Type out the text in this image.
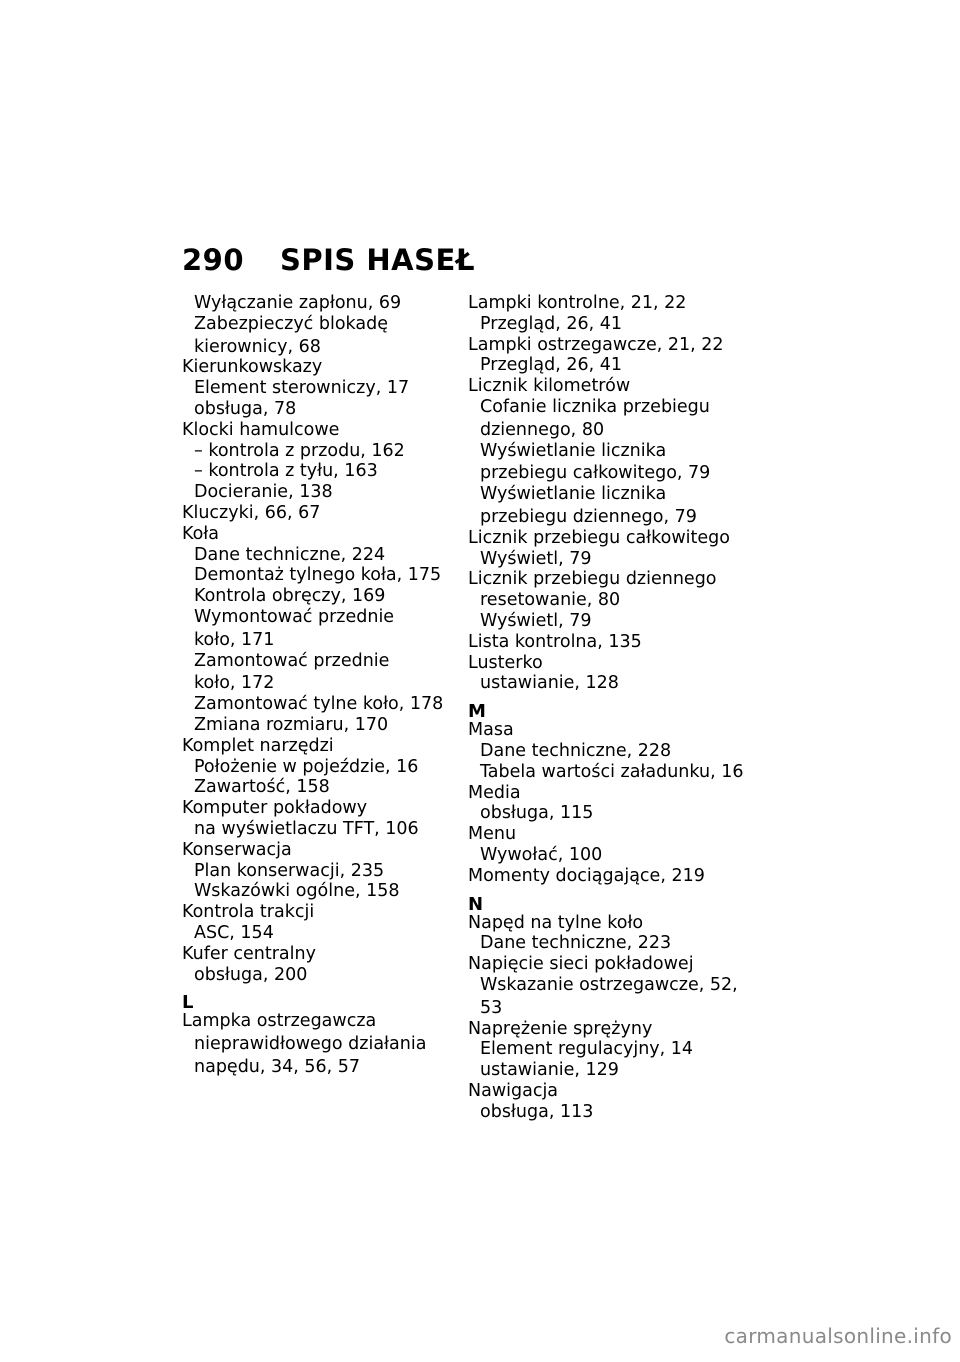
290 SPIS HASEŁ
Wyłączanie zapłonu, 69
Zabezpieczyć blokadę
kierownicy, 68
Kierunkowskazy
Element sterowniczy, 17
obsługa, 78
Klocki hamulcowe
– kontrola z przodu, 162
– kontrola z tyłu, 163
Docieranie, 138
Kluczyki, 66, 67
Koła
Dane techniczne, 224
Demontaż tylnego koła, 175
Kontrola obręczy, 169
Wymontować przednie
koło, 171
Zamontować przednie
koło, 172
Zamontować tylne koło, 178
Zmiana rozmiaru, 170
Komplet narzędzi
Położenie w pojeździe, 16
Zawartość, 158
Komputer pokładowy
na wyświetlaczu TFT, 106
Konserwacja
Plan konserwacji, 235
Wskazówki ogólne, 158
Kontrola trakcji
ASC, 154
Kufer centralny
obsługa, 200
L
Lampka ostrzegawcza
nieprawidłowego działania
napędu, 34, 56, 57
Lampki kontrolne, 21, 22
Przegląd, 26, 41
Lampki ostrzegawcze, 21, 22
Przegląd, 26, 41
Licznik kilometrów
Cofanie licznika przebiegu
dziennego, 80
Wyświetlanie licznika
przebiegu całkowitego, 79
Wyświetlanie licznika
przebiegu dziennego, 79
Licznik przebiegu całkowitego
Wyświetl, 79
Licznik przebiegu dziennego
resetowanie, 80
Wyświetl, 79
Lista kontrolna, 135
Lusterko
ustawianie, 128
M
Masa
Dane techniczne, 228
Tabela wartości załadunku, 16
Media
obsługa, 115
Menu
Wywołać, 100
Momenty dociągające, 219
N
Napęd na tylne koło
Dane techniczne, 223
Napięcie sieci pokładowej
Wskazanie ostrzegawcze, 52,
53
Naprężenie sprężyny
Element regulacyjny, 14
ustawianie, 129
Nawigacja
obsługa, 113
carmanualsonline.info
